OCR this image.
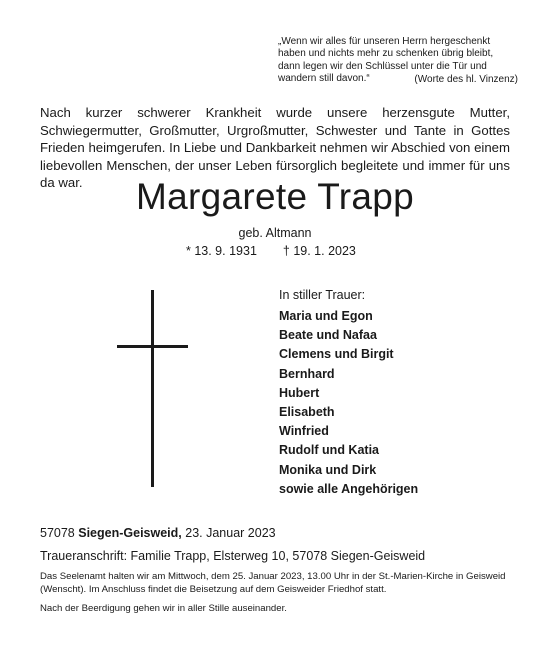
„Wenn wir alles für unseren Herrn hergeschenkt
haben und nichts mehr zu schenken übrig bleibt,
dann legen wir den Schlüssel unter die Tür und
wandern still davon.“	(Worte des hl. Vinzenz)

Nach kurzer schwerer Krankheit wurde unsere herzensgute Mutter, Schwiegermutter, Großmutter, Urgroßmutter, Schwester und Tante in Gottes Frieden heimgerufen. In Liebe und Dankbarkeit nehmen wir Abschied von einem liebevollen Menschen, der unser Leben fürsorglich begleitete und immer für uns da war.	Margarete Trapp
geb. Altmann
* 13. 9. 1931 † 19. 1. 2023
In stiller Trauer:
Maria und Egon
Beate und Nafaa
Clemens und Birgit
Bernhard
Hubert
Elisabeth
Winfried
Rudolf und Katia
Monika und Dirk
sowie alle Angehörigen
57078 Siegen-Geisweid, 23. Januar 2023
Traueranschrift: Familie Trapp, Elsterweg 10, 57078 Siegen-Geisweid

Das Seelenamt halten wir am Mittwoch, dem 25. Januar 2023, 13.00 Uhr in der St.-Marien-Kirche in Geisweid (Wenscht). Im Anschluss findet die Beisetzung auf dem Geisweider Friedhof statt.

Nach der Beerdigung gehen wir in aller Stille auseinander.
